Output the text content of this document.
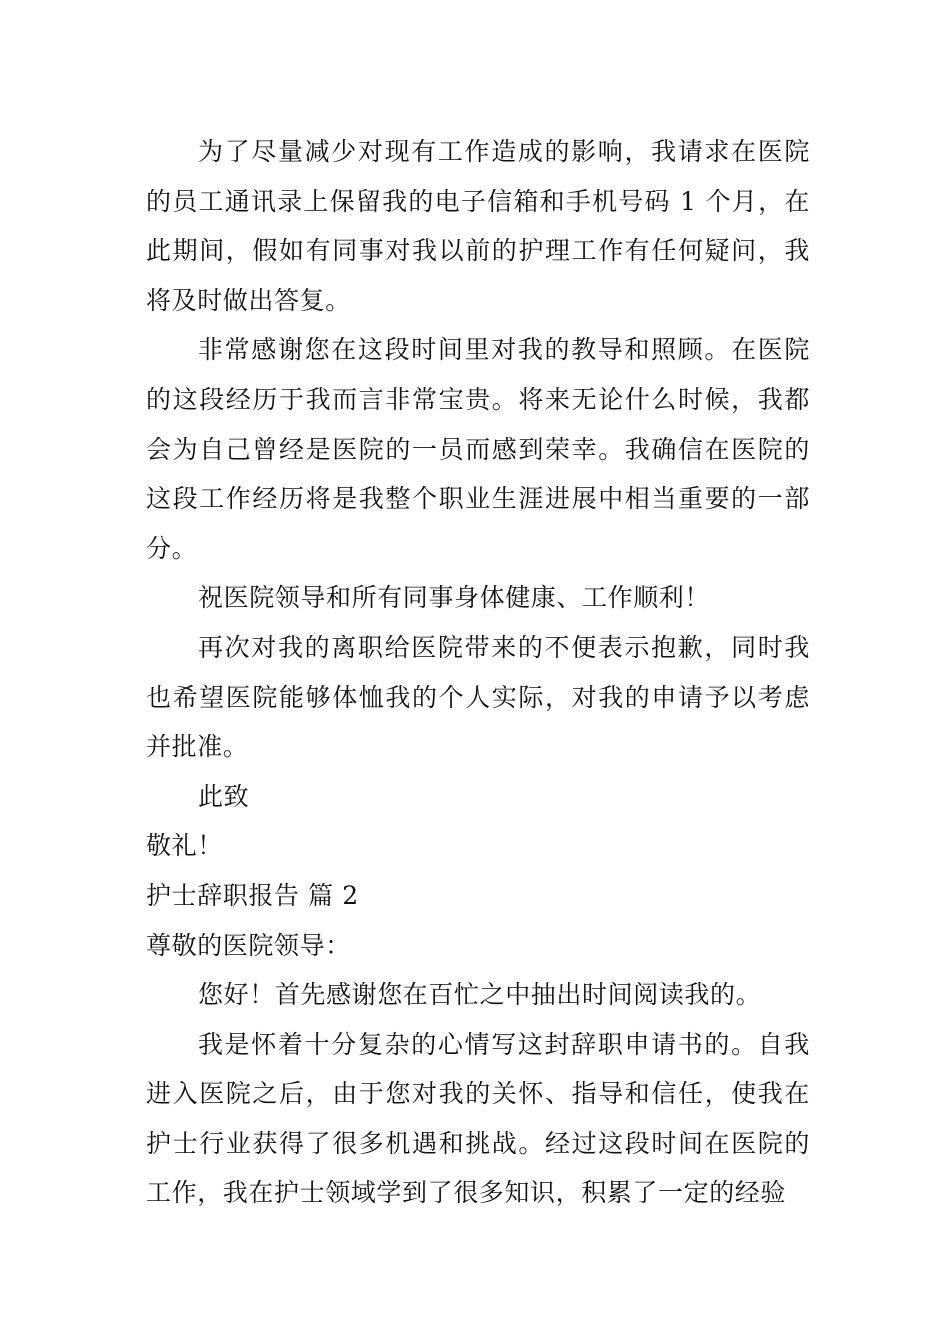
为了尽量减少对现有工作造成的影响，我请求在医院的员工通讯录上保留我的电子信箱和手机号码 1 个月，在此期间，假如有同事对我以前的护理工作有任何疑问，我将及时做出答复。

非常感谢您在这段时间里对我的教导和照顾。在医院的这段经历于我而言非常宝贵。将来无论什么时候，我都会为自己曾经是医院的一员而感到荣幸。我确信在医院的这段工作经历将是我整个职业生涯进展中相当重要的一部分。

祝医院领导和所有同事身体健康、工作顺利！

再次对我的离职给医院带来的不便表示抱歉，同时我也希望医院能够体恤我的个人实际，对我的申请予以考虑并批准。

此致

敬礼！

护士辞职报告 篇 2

尊敬的医院领导：

您好！首先感谢您在百忙之中抽出时间阅读我的。

我是怀着十分复杂的心情写这封辞职申请书的。自我进入医院之后，由于您对我的关怀、指导和信任，使我在护士行业获得了很多机遇和挑战。经过这段时间在医院的工作，我在护士领域学到了很多知识，积累了一定的经验
